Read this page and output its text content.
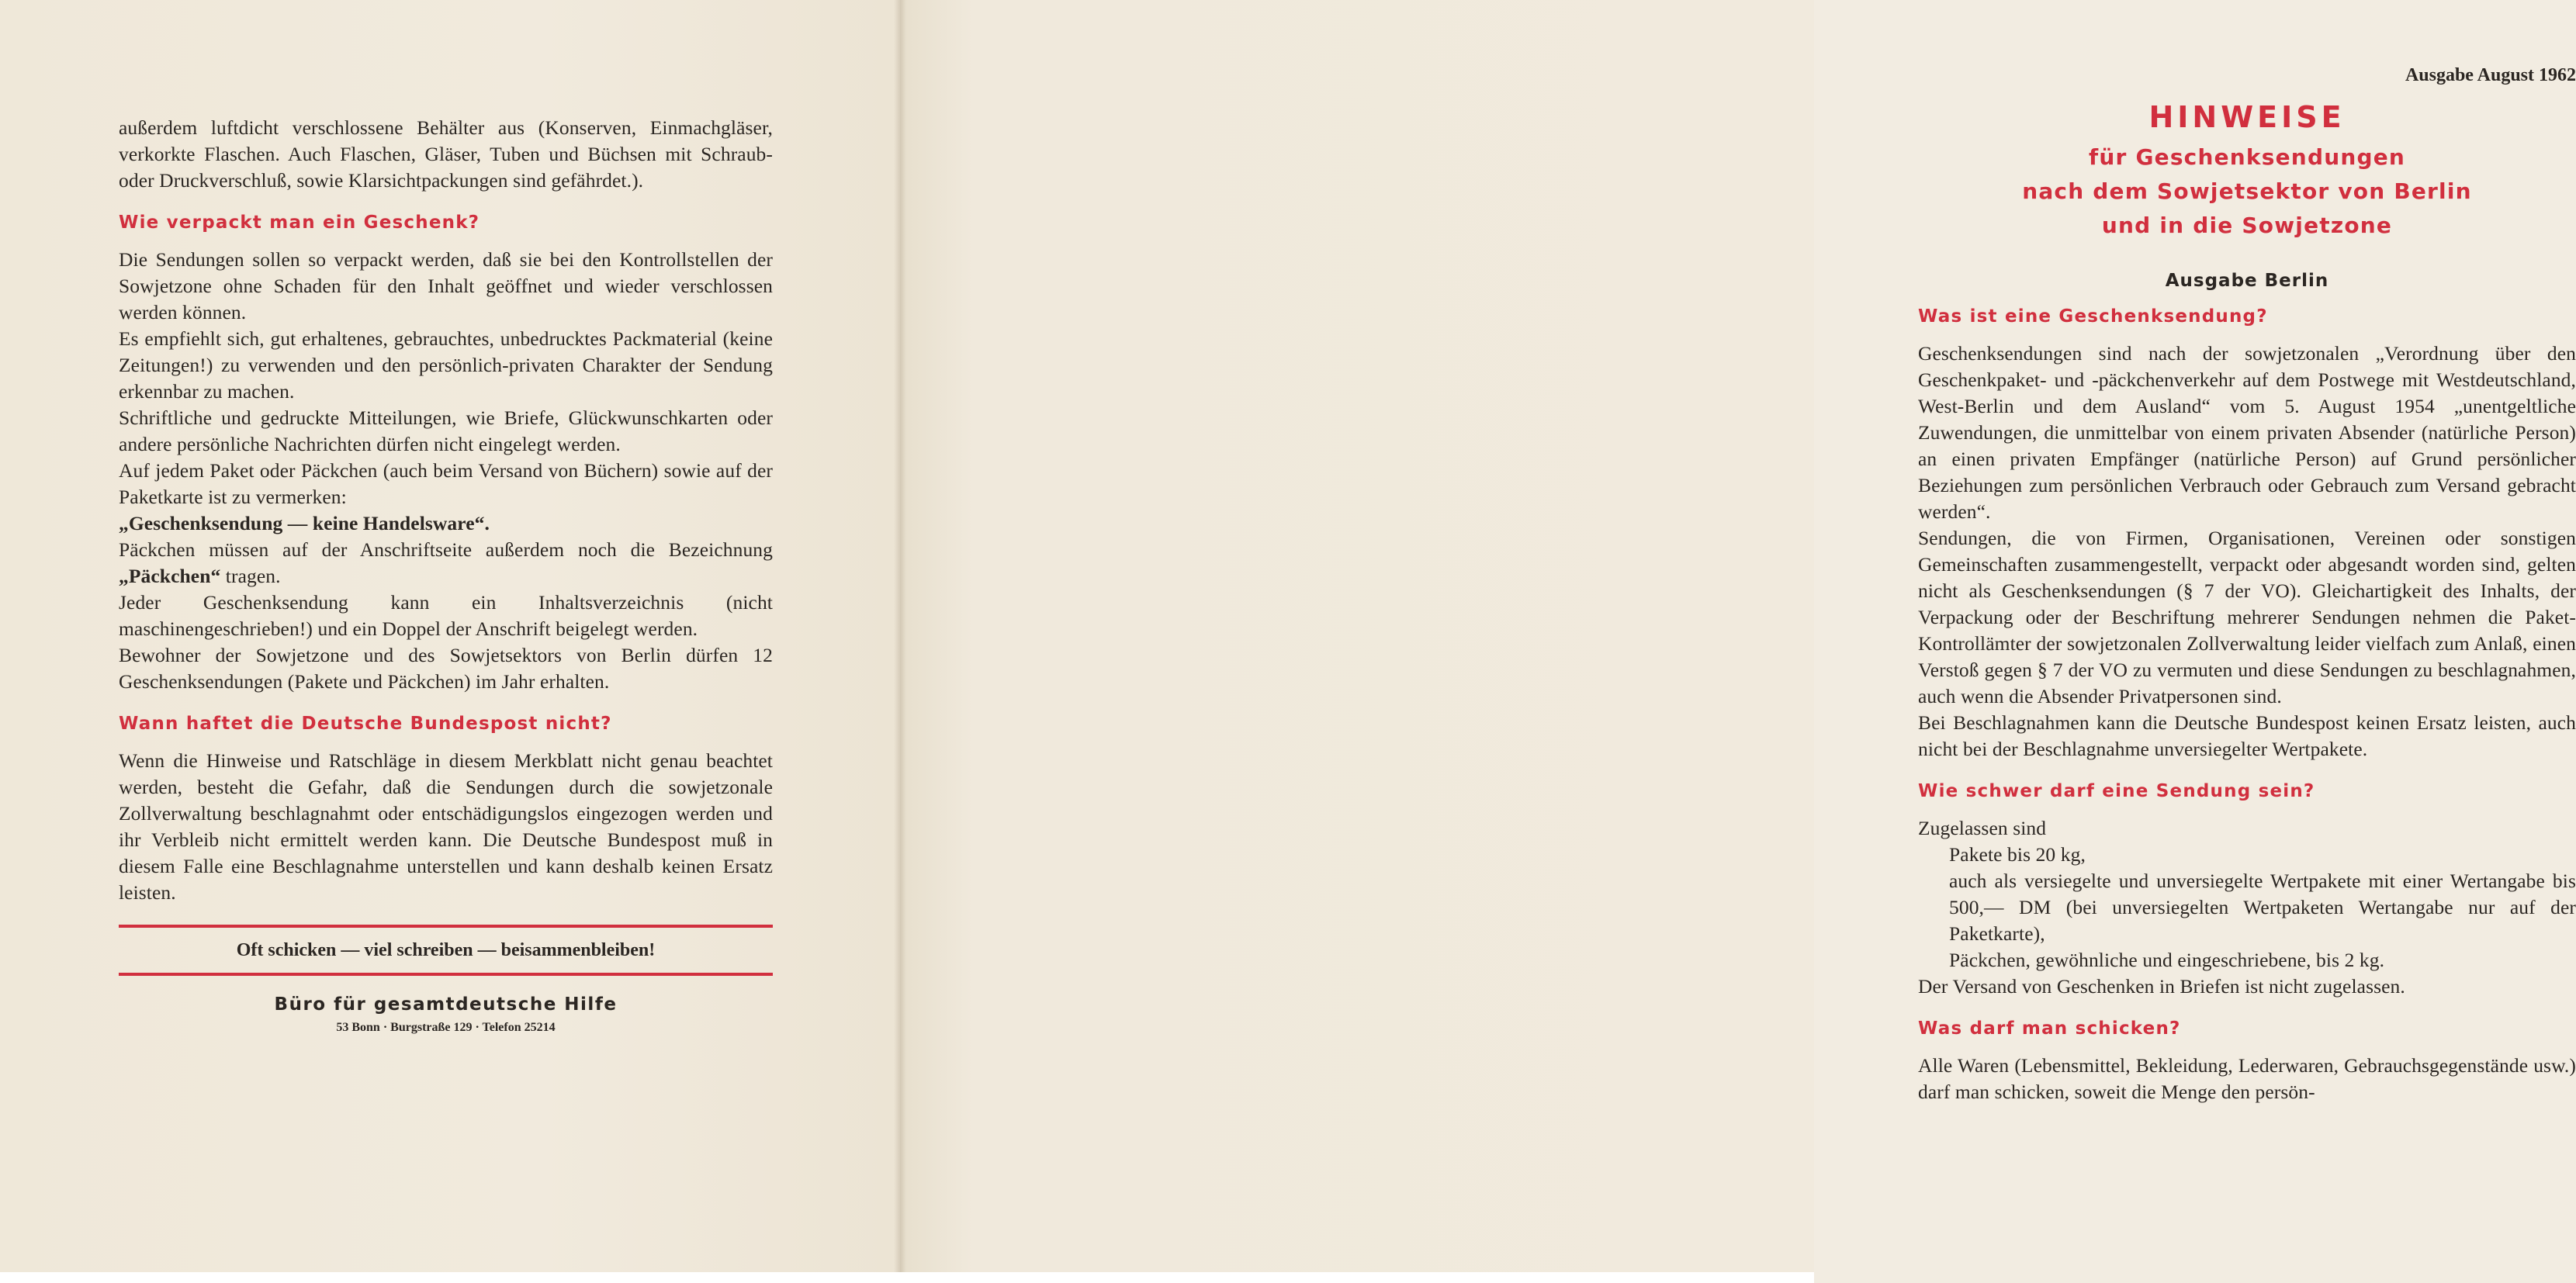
außerdem luftdicht verschlossene Behälter aus (Konserven, Einmachgläser, verkorkte Flaschen. Auch Flaschen, Gläser, Tuben und Büchsen mit Schraub- oder Druckverschluß, sowie Klarsichtpackungen sind gefährdet.).

Wie verpackt man ein Geschenk?

Die Sendungen sollen so verpackt werden, daß sie bei den Kontrollstellen der Sowjetzone ohne Schaden für den Inhalt geöffnet und wieder verschlossen werden können.

Es empfiehlt sich, gut erhaltenes, gebrauchtes, unbedrucktes Packmaterial (keine Zeitungen!) zu verwenden und den persönlich-privaten Charakter der Sendung erkennbar zu machen.

Schriftliche und gedruckte Mitteilungen, wie Briefe, Glückwunschkarten oder andere persönliche Nachrichten dürfen nicht eingelegt werden.

Auf jedem Paket oder Päckchen (auch beim Versand von Büchern) sowie auf der Paketkarte ist zu vermerken:

„Geschenksendung — keine Handelsware“.

Päckchen müssen auf der Anschriftseite außerdem noch die Bezeichnung „Päckchen“ tragen.

Jeder Geschenksendung kann ein Inhaltsverzeichnis (nicht maschinengeschrieben!) und ein Doppel der Anschrift beigelegt werden.

Bewohner der Sowjetzone und des Sowjetsektors von Berlin dürfen 12 Geschenksendungen (Pakete und Päckchen) im Jahr erhalten.

Wann haftet die Deutsche Bundespost nicht?

Wenn die Hinweise und Ratschläge in diesem Merkblatt nicht genau beachtet werden, besteht die Gefahr, daß die Sendungen durch die sowjetzonale Zollverwaltung beschlagnahmt oder entschädigungslos eingezogen werden und ihr Verbleib nicht ermittelt werden kann. Die Deutsche Bundespost muß in diesem Falle eine Beschlagnahme unterstellen und kann deshalb keinen Ersatz leisten.

Oft schicken — viel schreiben — beisammenbleiben!

Büro für gesamtdeutsche Hilfe

53 Bonn · Burgstraße 129 · Telefon 25214

Ausgabe August 1962

HINWEISE
für Geschenksendungen
nach dem Sowjetsektor von Berlin
und in die Sowjetzone

Ausgabe Berlin

Was ist eine Geschenksendung?

Geschenksendungen sind nach der sowjetzonalen „Verordnung über den Geschenkpaket- und -päckchenverkehr auf dem Postwege mit Westdeutschland, West-Berlin und dem Ausland“ vom 5. August 1954 „unentgeltliche Zuwendungen, die unmittelbar von einem privaten Absender (natürliche Person) an einen privaten Empfänger (natürliche Person) auf Grund persönlicher Beziehungen zum persönlichen Verbrauch oder Gebrauch zum Versand gebracht werden“.

Sendungen, die von Firmen, Organisationen, Vereinen oder sonstigen Gemeinschaften zusammengestellt, verpackt oder abgesandt worden sind, gelten nicht als Geschenksendungen (§ 7 der VO). Gleichartigkeit des Inhalts, der Verpackung oder der Beschriftung mehrerer Sendungen nehmen die Paket-Kontrollämter der sowjetzonalen Zollverwaltung leider vielfach zum Anlaß, einen Verstoß gegen § 7 der VO zu vermuten und diese Sendungen zu beschlagnahmen, auch wenn die Absender Privatpersonen sind.

Bei Beschlagnahmen kann die Deutsche Bundespost keinen Ersatz leisten, auch nicht bei der Beschlagnahme unversiegelter Wertpakete.

Wie schwer darf eine Sendung sein?

Zugelassen sind

Pakete bis 20 kg,

auch als versiegelte und unversiegelte Wertpakete mit einer Wertangabe bis 500,— DM (bei unversiegelten Wertpaketen Wertangabe nur auf der Paketkarte),

Päckchen, gewöhnliche und eingeschriebene, bis 2 kg.

Der Versand von Geschenken in Briefen ist nicht zugelassen.

Was darf man schicken?

Alle Waren (Lebensmittel, Bekleidung, Lederwaren, Gebrauchsgegenstände usw.) darf man schicken, soweit die Menge den persön-
